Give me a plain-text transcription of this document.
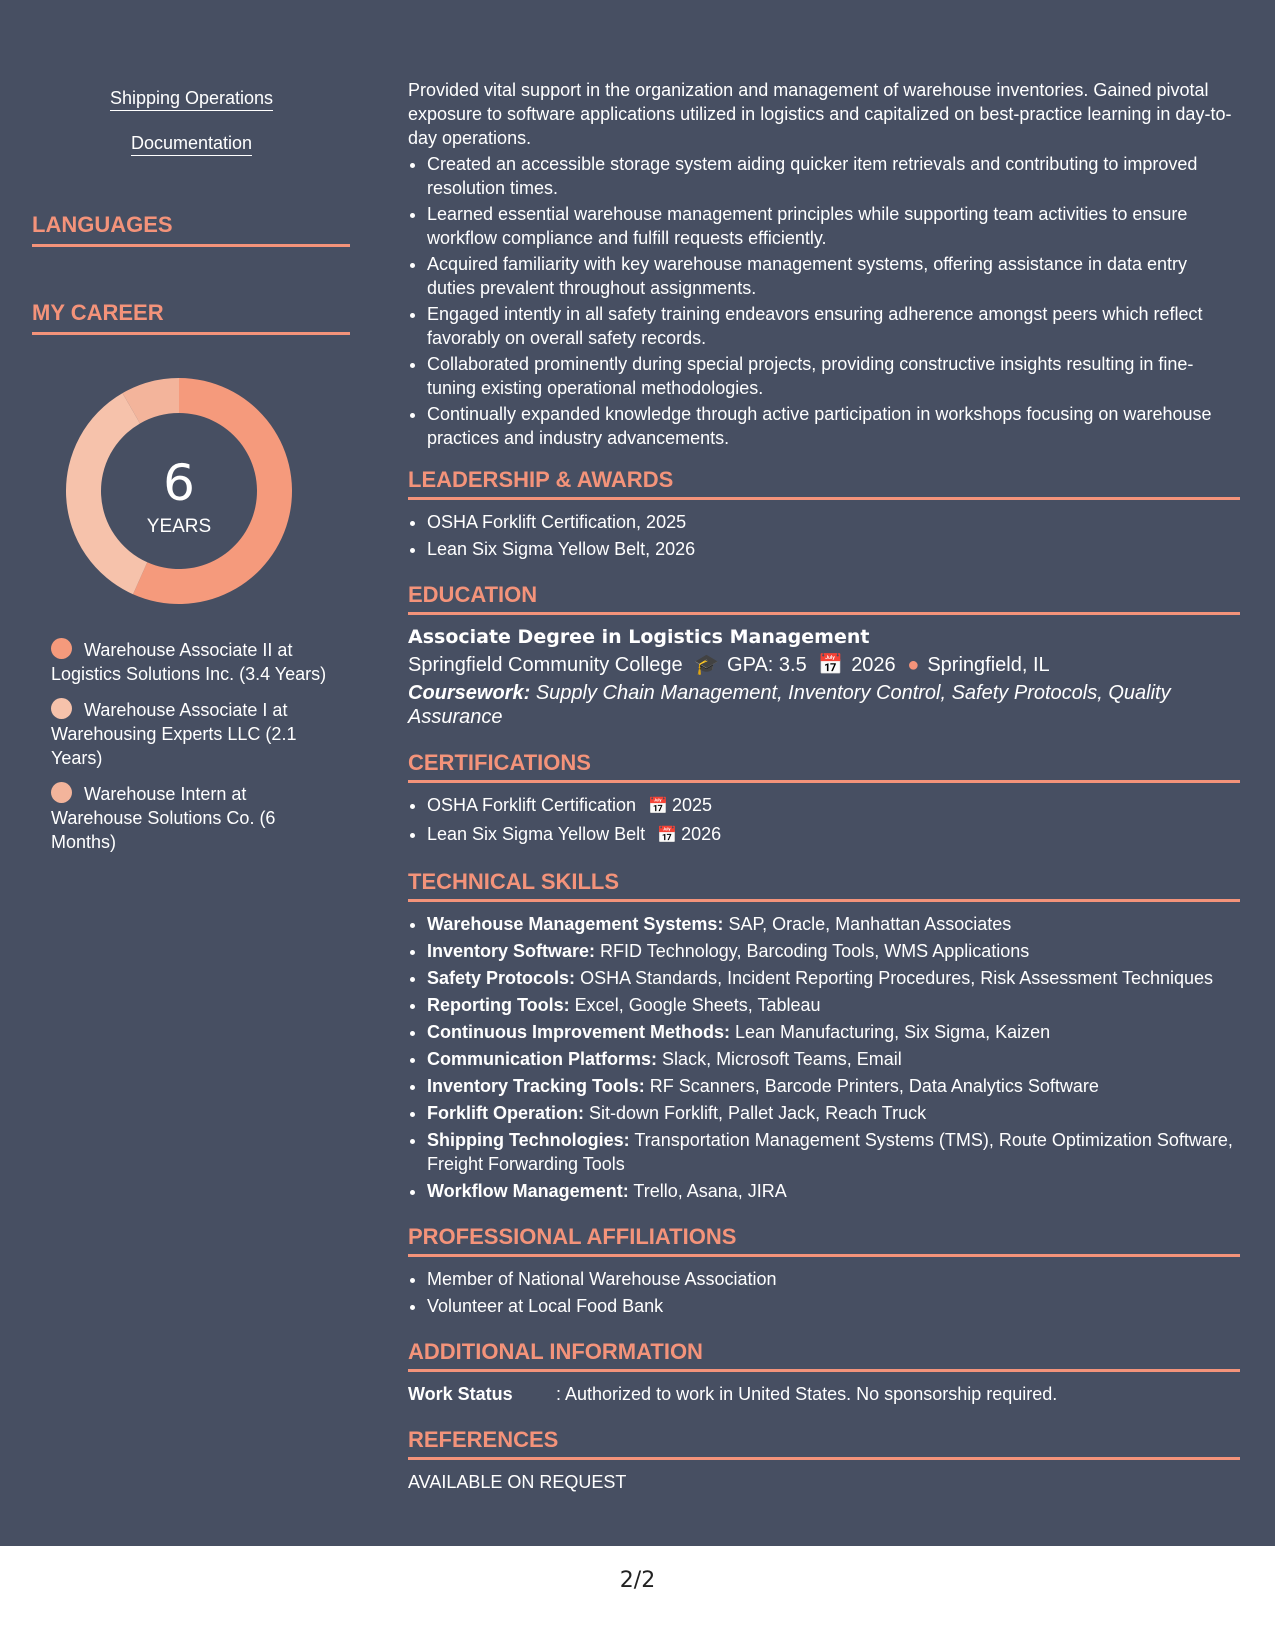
Shipping Operations
Documentation
LANGUAGES
MY CAREER
6
YEARS
Warehouse Associate II at Logistics Solutions Inc. (3.4 Years)
Warehouse Associate I at Warehousing Experts LLC (2.1 Years)
Warehouse Intern at Warehouse Solutions Co. (6 Months)

Provided vital support in the organization and management of warehouse inventories. Gained pivotal exposure to software applications utilized in logistics and capitalized on best-practice learning in day-to-day operations.

• Created an accessible storage system aiding quicker item retrievals and contributing to improved resolution times.
• Learned essential warehouse management principles while supporting team activities to ensure workflow compliance and fulfill requests efficiently.
• Acquired familiarity with key warehouse management systems, offering assistance in data entry duties prevalent throughout assignments.
• Engaged intently in all safety training endeavors ensuring adherence amongst peers which reflect favorably on overall safety records.
• Collaborated prominently during special projects, providing constructive insights resulting in fine-tuning existing operational methodologies.
• Continually expanded knowledge through active participation in workshops focusing on warehouse practices and industry advancements.
LEADERSHIP & AWARDS
• OSHA Forklift Certification, 2025
• Lean Six Sigma Yellow Belt, 2026
EDUCATION

Associate Degree in Logistics Management

Springfield Community College 🎓 GPA: 3.5 📅 2026 ● Springfield, IL

Coursework: Supply Chain Management, Inventory Control, Safety Protocols, Quality Assurance

CERTIFICATIONS
• OSHA Forklift Certification 📅 2025
• Lean Six Sigma Yellow Belt 📅 2026
TECHNICAL SKILLS
• Warehouse Management Systems: SAP, Oracle, Manhattan Associates
• Inventory Software: RFID Technology, Barcoding Tools, WMS Applications
• Safety Protocols: OSHA Standards, Incident Reporting Procedures, Risk Assessment Techniques
• Reporting Tools: Excel, Google Sheets, Tableau
• Continuous Improvement Methods: Lean Manufacturing, Six Sigma, Kaizen
• Communication Platforms: Slack, Microsoft Teams, Email
• Inventory Tracking Tools: RF Scanners, Barcode Printers, Data Analytics Software
• Forklift Operation: Sit-down Forklift, Pallet Jack, Reach Truck
• Shipping Technologies: Transportation Management Systems (TMS), Route Optimization Software, Freight Forwarding Tools
• Workflow Management: Trello, Asana, JIRA
PROFESSIONAL AFFILIATIONS
• Member of National Warehouse Association
• Volunteer at Local Food Bank
ADDITIONAL INFORMATION
Work Status	: Authorized to work in United States. No sponsorship required.
REFERENCES
AVAILABLE ON REQUEST
2/2
